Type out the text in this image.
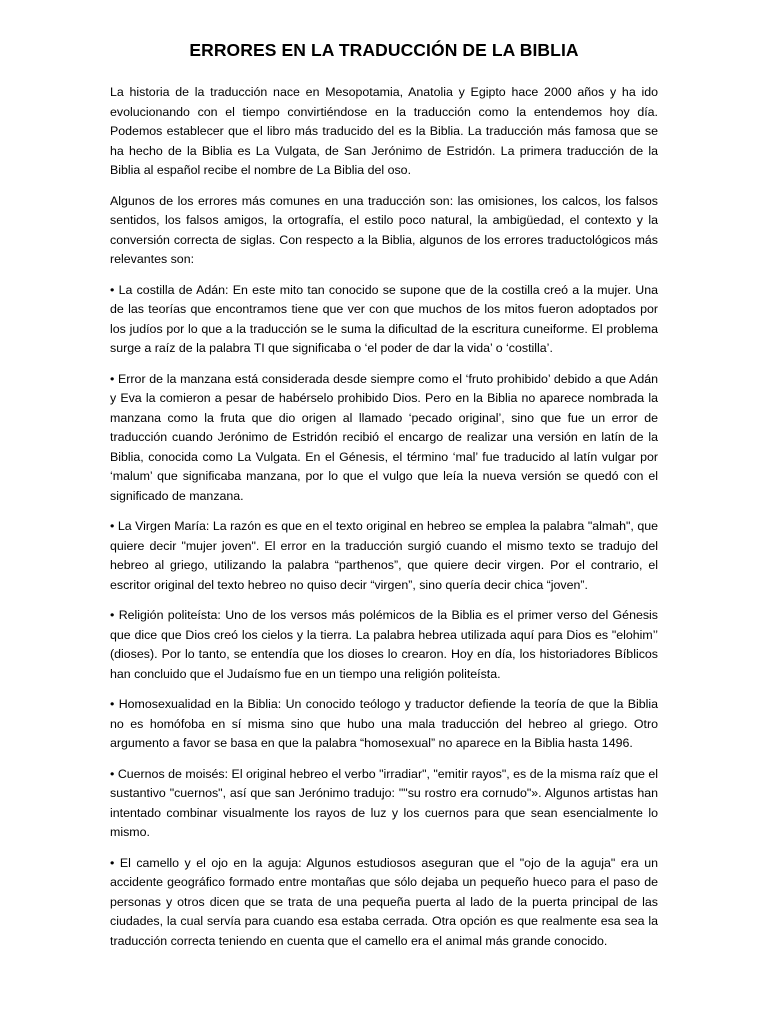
ERRORES EN LA TRADUCCIÓN DE LA BIBLIA

La historia de la traducción nace en Mesopotamia, Anatolia y Egipto hace 2000 años y ha ido evolucionando con el tiempo convirtiéndose en la traducción como la entendemos hoy día. Podemos establecer que el libro más traducido del es la Biblia. La traducción más famosa que se ha hecho de la Biblia es La Vulgata, de San Jerónimo de Estridón. La primera traducción de la Biblia al español recibe el nombre de La Biblia del oso.

Algunos de los errores más comunes en una traducción son: las omisiones, los calcos, los falsos sentidos, los falsos amigos, la ortografía, el estilo poco natural, la ambigüedad, el contexto y la conversión correcta de siglas. Con respecto a la Biblia, algunos de los errores traductológicos más relevantes son:

• La costilla de Adán: En este mito tan conocido se supone que de la costilla creó a la mujer. Una de las teorías que encontramos tiene que ver con que muchos de los mitos fueron adoptados por los judíos por lo que a la traducción se le suma la dificultad de la escritura cuneiforme. El problema surge a raíz de la palabra TI que significaba o ‘el poder de dar la vida’ o ‘costilla’.

• Error de la manzana está considerada desde siempre como el ‘fruto prohibido’ debido a que Adán y Eva la comieron a pesar de habérselo prohibido Dios. Pero en la Biblia no aparece nombrada la manzana como la fruta que dio origen al llamado ‘pecado original’, sino que fue un error de traducción cuando Jerónimo de Estridón recibió el encargo de realizar una versión en latín de la Biblia, conocida como La Vulgata. En el Génesis, el término ‘mal’ fue traducido al latín vulgar por ‘malum’ que significaba manzana, por lo que el vulgo que leía la nueva versión se quedó con el significado de manzana.

• La Virgen María: La razón es que en el texto original en hebreo se emplea la palabra "almah", que quiere decir "mujer joven". El error en la traducción surgió cuando el mismo texto se tradujo del hebreo al griego, utilizando la palabra “parthenos”, que quiere decir virgen. Por el contrario, el escritor original del texto hebreo no quiso decir “virgen”, sino quería decir chica “joven”.

• Religión politeísta: Uno de los versos más polémicos de la Biblia es el primer verso del Génesis que dice que Dios creó los cielos y la tierra. La palabra hebrea utilizada aquí para Dios es "elohim’’ (dioses). Por lo tanto, se entendía que los dioses lo crearon. Hoy en día, los historiadores Bíblicos han concluido que el Judaísmo fue en un tiempo una religión politeísta.

• Homosexualidad en la Biblia: Un conocido teólogo y traductor defiende la teoría de que la Biblia no es homófoba en sí misma sino que hubo una mala traducción del hebreo al griego. Otro argumento a favor se basa en que la palabra “homosexual” no aparece en la Biblia hasta 1496.

• Cuernos de moisés: El original hebreo el verbo "irradiar", "emitir rayos", es de la misma raíz que el sustantivo "cuernos", así que san Jerónimo tradujo: ""su rostro era cornudo"». Algunos artistas han intentado combinar visualmente los rayos de luz y los cuernos para que sean esencialmente lo mismo.

• El camello y el ojo en la aguja: Algunos estudiosos aseguran que el "ojo de la aguja" era un accidente geográfico formado entre montañas que sólo dejaba un pequeño hueco para el paso de personas y otros dicen que se trata de una pequeña puerta al lado de la puerta principal de las ciudades, la cual servía para cuando esa estaba cerrada. Otra opción es que realmente esa sea la traducción correcta teniendo en cuenta que el camello era el animal más grande conocido.
